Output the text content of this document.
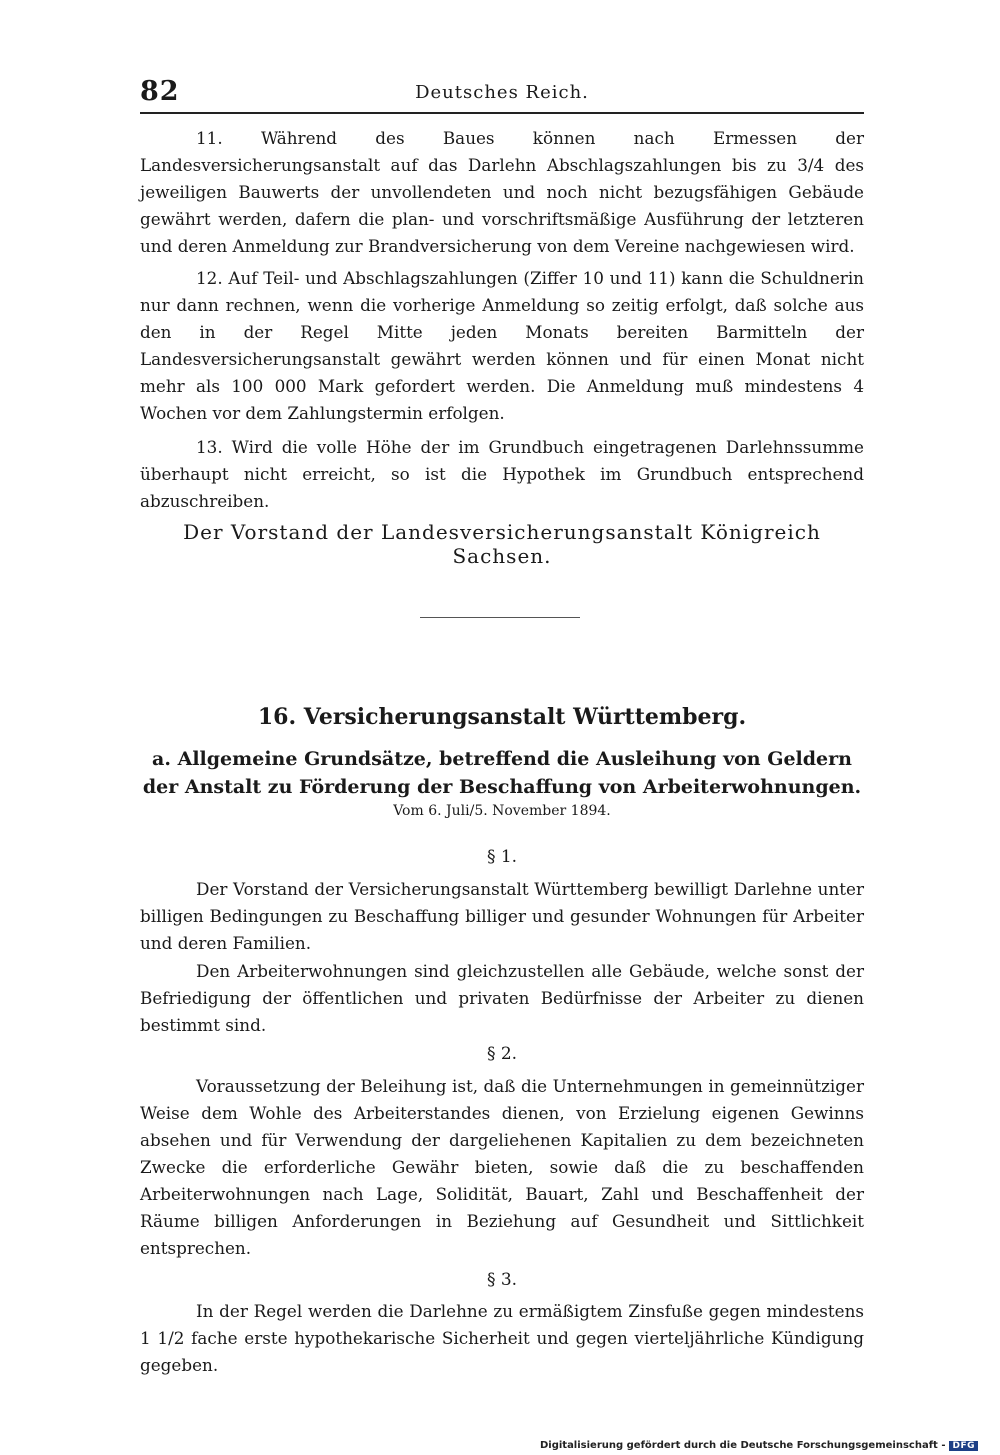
82	Deutsches Reich.

11. Während des Baues können nach Ermessen der Landesversicherungsanstalt auf das Darlehn Abschlagszahlungen bis zu 3/4 des jeweiligen Bauwerts der unvollendeten und noch nicht bezugsfähigen Gebäude gewährt werden, dafern die plan- und vorschriftsmäßige Ausführung der letzteren und deren Anmeldung zur Brandversicherung von dem Vereine nachgewiesen wird.

12. Auf Teil- und Abschlagszahlungen (Ziffer 10 und 11) kann die Schuldnerin nur dann rechnen, wenn die vorherige Anmeldung so zeitig erfolgt, daß solche aus den in der Regel Mitte jeden Monats bereiten Barmitteln der Landesversicherungsanstalt gewährt werden können und für einen Monat nicht mehr als 100 000 Mark gefordert werden. Die Anmeldung muß mindestens 4 Wochen vor dem Zahlungstermin erfolgen.

13. Wird die volle Höhe der im Grundbuch eingetragenen Darlehnssumme überhaupt nicht erreicht, so ist die Hypothek im Grundbuch entsprechend abzuschreiben.

Der Vorstand der Landesversicherungsanstalt Königreich Sachsen.
16. Versicherungsanstalt Württemberg.
a. Allgemeine Grundsätze, betreffend die Ausleihung von Geldern der Anstalt zu Förderung der Beschaffung von Arbeiterwohnungen.
Vom 6. Juli/5. November 1894.
§ 1.

Der Vorstand der Versicherungsanstalt Württemberg bewilligt Darlehne unter billigen Bedingungen zu Beschaffung billiger und gesunder Wohnungen für Arbeiter und deren Familien.

Den Arbeiterwohnungen sind gleichzustellen alle Gebäude, welche sonst der Befriedigung der öffentlichen und privaten Bedürfnisse der Arbeiter zu dienen bestimmt sind.

§ 2.

Voraussetzung der Beleihung ist, daß die Unternehmungen in gemeinnütziger Weise dem Wohle des Arbeiterstandes dienen, von Erzielung eigenen Gewinns absehen und für Verwendung der dargeliehenen Kapitalien zu dem bezeichneten Zwecke die erforderliche Gewähr bieten, sowie daß die zu beschaffenden Arbeiterwohnungen nach Lage, Solidität, Bauart, Zahl und Beschaffenheit der Räume billigen Anforderungen in Beziehung auf Gesundheit und Sittlichkeit entsprechen.

§ 3.

In der Regel werden die Darlehne zu ermäßigtem Zinsfuße gegen mindestens 1 1/2 fache erste hypothekarische Sicherheit und gegen vierteljährliche Kündigung gegeben.

Digitalisierung gefördert durch die Deutsche Forschungsgemeinschaft - DFG
